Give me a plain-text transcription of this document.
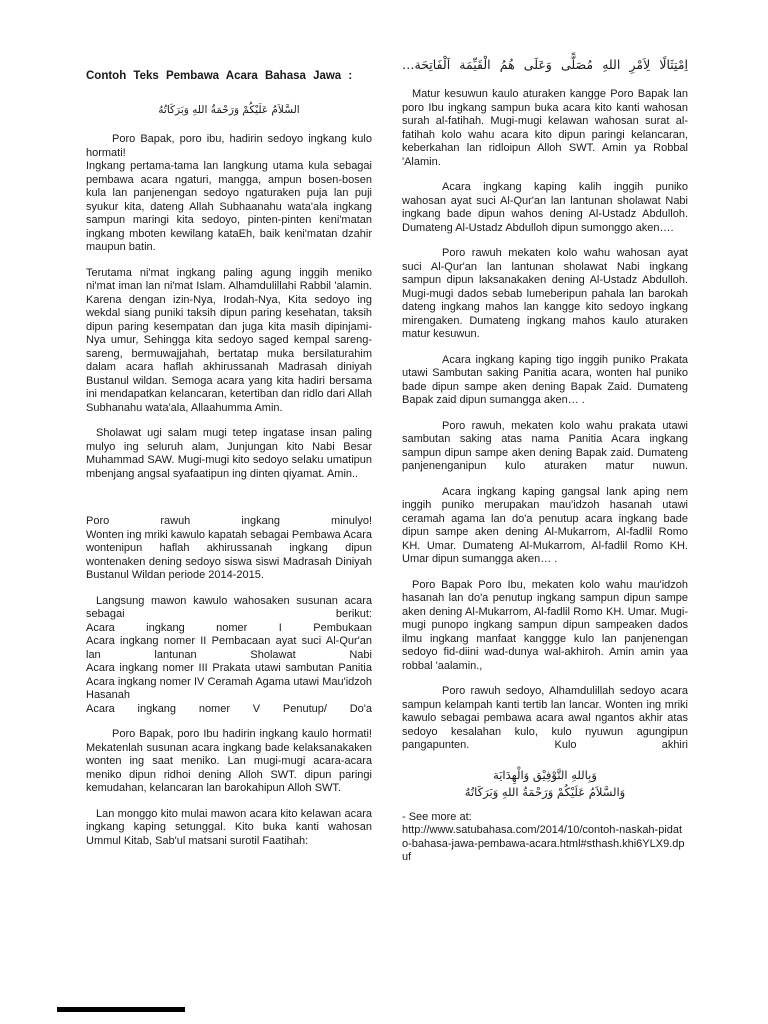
Contoh Teks Pembawa Acara Bahasa Jawa :
السَّلاَمُ عَلَيْكُمْ وَرَحْمَةُ اللهِ وَبَرَكَاتُهُ

Poro Bapak, poro ibu, hadirin sedoyo ingkang kulo hormati!

Ingkang pertama-tama lan langkung utama kula sebagai pembawa acara ngaturi, mangga, ampun bosen-bosen kula lan panjenengan sedoyo ngaturaken puja lan puji syukur kita, dateng Allah Subhaanahu wata'ala ingkang sampun maringi kita sedoyo, pinten-pinten keni'matan ingkang mboten kewilang kataEh, baik keni'matan dzahir maupun batin.

Terutama ni'mat ingkang paling agung inggih meniko ni'mat iman lan ni'mat Islam. Alhamdulillahi Rabbil 'alamin. Karena dengan izin-Nya, Irodah-Nya, Kita sedoyo ing wekdal siang puniki taksih dipun paring kesehatan, taksih dipun paring kesempatan dan juga kita masih dipinjami-Nya umur, Sehingga kita sedoyo saged kempal sareng-sareng, bermuwajjahah, bertatap muka bersilaturahim dalam acara haflah akhirussanah Madrasah diniyah Bustanul wildan. Semoga acara yang kita hadiri bersama ini mendapatkan kelancaran, ketertiban dan ridlo dari Allah Subhanahu wata'ala, Allaahumma Amin.

Sholawat ugi salam mugi tetep ingatase insan paling mulyo ing seluruh alam, Junjungan kito Nabi Besar Muhammad SAW. Mugi-mugi kito sedoyo selaku umatipun mbenjang angsal syafaatipun ing dinten qiyamat. Amin..

Poro rawuh ingkang minulyo!

Wonten ing mriki kawulo kapatah sebagai Pembawa Acara wontenipun haflah akhirussanah ingkang dipun wontenaken dening sedoyo siswa siswi Madrasah Diniyah Bustanul Wildan periode 2014-2015.

Langsung mawon kawulo wahosaken susunan acara sebagai berikut:

Acara ingkang nomer I Pembukaan

Acara ingkang nomer II Pembacaan ayat suci Al-Qur'an lan lantunan Sholawat Nabi

Acara ingkang nomer III Prakata utawi sambutan Panitia

Acara ingkang nomer IV Ceramah Agama utawi Mau'idzoh Hasanah

Acara ingkang nomer V Penutup/ Do'a

Poro Bapak, poro Ibu hadirin ingkang kaulo hormati!

Mekatenlah susunan acara ingkang bade kelaksanakaken wonten ing saat meniko. Lan mugi-mugi acara-acara meniko dipun ridhoi dening Alloh SWT. dipun paringi kemudahan, kelancaran lan barokahipun Alloh SWT.

Lan monggo kito mulai mawon acara kito kelawan acara ingkang kaping setunggal. Kito buka kanti wahosan Ummul Kitab, Sab'ul matsani surotil Faatihah:

اِمْتِثَالًا لِاَمْرِ اللهِ مُصَلًّى وَعَلَى هُمُ الْقَيِّمَة اَلْفَاتِحَة…

Matur kesuwun kaulo aturaken kangge Poro Bapak lan poro Ibu ingkang sampun buka acara kito kanti wahosan surah al-fatihah. Mugi-mugi kelawan wahosan surat al-fatihah kolo wahu acara kito dipun paringi kelancaran, keberkahan lan ridloipun Alloh SWT. Amin ya Robbal 'Alamin.

Acara ingkang kaping kalih inggih puniko wahosan ayat suci Al-Qur'an lan lantunan sholawat Nabi ingkang bade dipun wahos dening Al-Ustadz Abdulloh. Dumateng Al-Ustadz Abdulloh dipun sumonggo aken….

Poro rawuh mekaten kolo wahu wahosan ayat suci Al-Qur'an lan lantunan sholawat Nabi ingkang sampun dipun laksanakaken dening Al-Ustadz Abdulloh. Mugi-mugi dados sebab lumeberipun pahala lan barokah dateng ingkang mahos lan kangge kito sedoyo ingkang mirengaken. Dumateng ingkang mahos kaulo aturaken matur kesuwun.

Acara ingkang kaping tigo inggih puniko Prakata utawi Sambutan saking Panitia acara, wonten hal puniko bade dipun sampe aken dening Bapak Zaid. Dumateng Bapak zaid dipun sumangga aken… .

Poro rawuh, mekaten kolo wahu prakata utawi sambutan saking atas nama Panitia Acara ingkang sampun dipun sampe aken dening Bapak zaid. Dumateng panjenenganipun kulo aturaken matur nuwun.

Acara ingkang kaping gangsal lank aping nem inggih puniko merupakan mau'idzoh hasanah utawi ceramah agama lan do'a penutup acara ingkang bade dipun sampe aken dening Al-Mukarrom, Al-fadlil Romo KH. Umar. Dumateng Al-Mukarrom, Al-fadlil Romo KH. Umar dipun sumangga aken… .

Poro Bapak Poro Ibu, mekaten kolo wahu mau'idzoh hasanah lan do'a penutup ingkang sampun dipun sampe aken dening Al-Mukarrom, Al-fadlil Romo KH. Umar. Mugi-mugi punopo ingkang sampun dipun sampeaken dados ilmu ingkang manfaat kanggge kulo lan panjenengan sedoyo fid-diini wad-dunya wal-akhiroh. Amin amin yaa robbal 'aalamin.,

Poro rawuh sedoyo, Alhamdulillah sedoyo acara sampun kelampah kanti tertib lan lancar. Wonten ing mriki kawulo sebagai pembawa acara awal ngantos akhir atas sedoyo kesalahan kulo, kulo nyuwun agungipun pangapunten. Kulo akhiri

وَبِاللهِ التَّوْفِيْق وَالْهِدَايَة
وَالسَّلاَمُ عَلَيْكُمْ وَرَحْمَةُ اللهِ وَبَرَكَاتُهُ
- See more at:
http://www.satubahasa.com/2014/10/contoh-naskah-pidato-bahasa-jawa-pembawa-acara.html#sthash.khi6YLX9.dpuf
